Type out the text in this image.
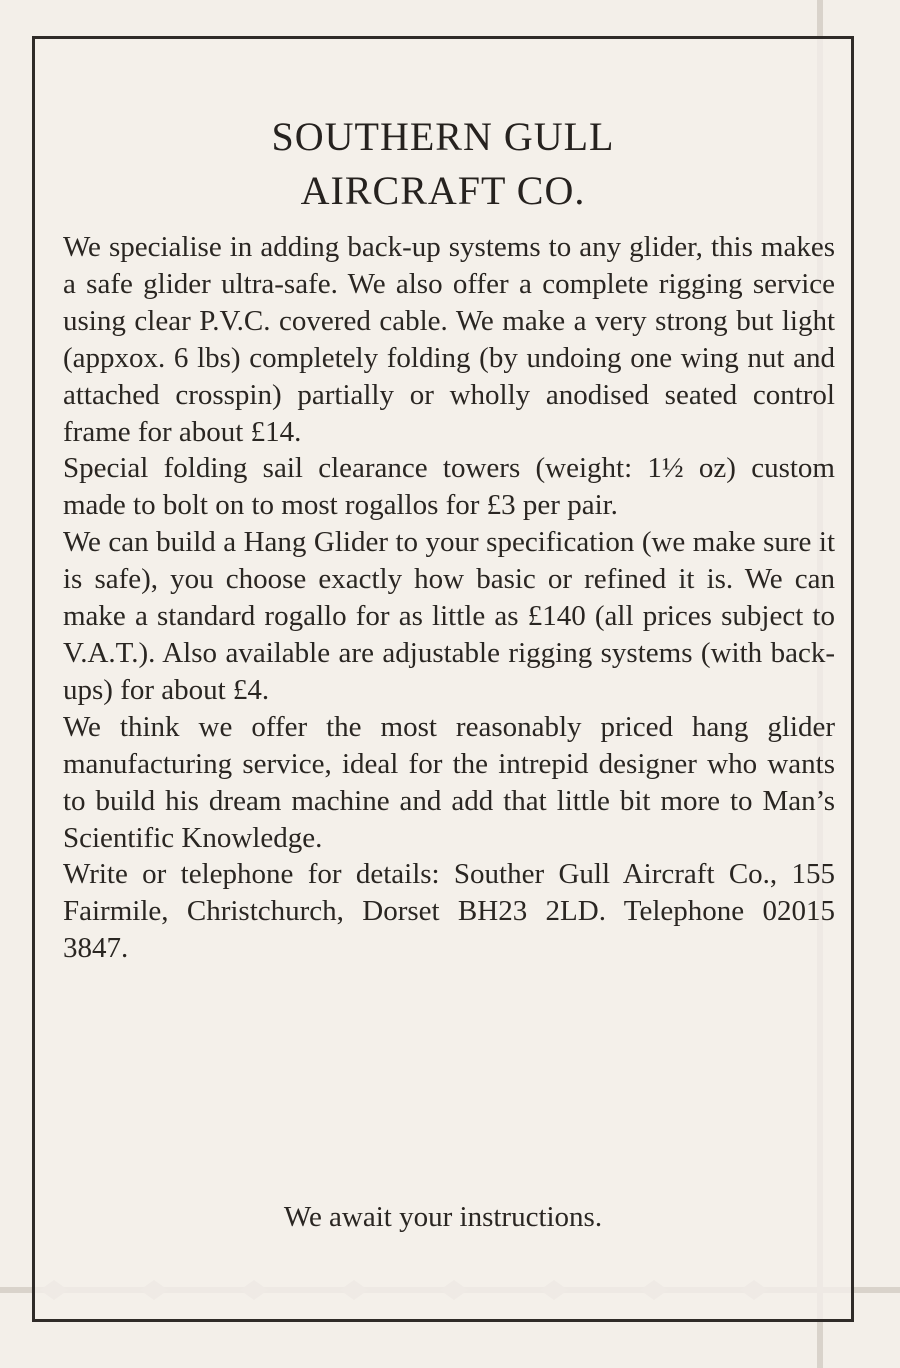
SOUTHERN GULL
AIRCRAFT CO.

We specialise in adding back-up systems to any glider, this makes a safe glider ultra-safe. We also offer a complete rigging service using clear P.V.C. covered cable. We make a very strong but light (appxox. 6 lbs) completely folding (by undoing one wing nut and attached crosspin) partially or wholly anodised seated control frame for about £14.

Special folding sail clearance towers (weight: 1½ oz) custom made to bolt on to most rogallos for £3 per pair.

We can build a Hang Glider to your specification (we make sure it is safe), you choose exactly how basic or refined it is. We can make a standard rogallo for as little as £140 (all prices subject to V.A.T.). Also available are adjustable rigging systems (with back-ups) for about £4.

We think we offer the most reasonably priced hang glider manufacturing service, ideal for the intrepid designer who wants to build his dream machine and add that little bit more to Man’s Scientific Knowledge.

Write or telephone for details: Souther Gull Aircraft Co., 155 Fairmile, Christchurch, Dorset BH23 2LD. Telephone 02015 3847.

We await your instructions.
